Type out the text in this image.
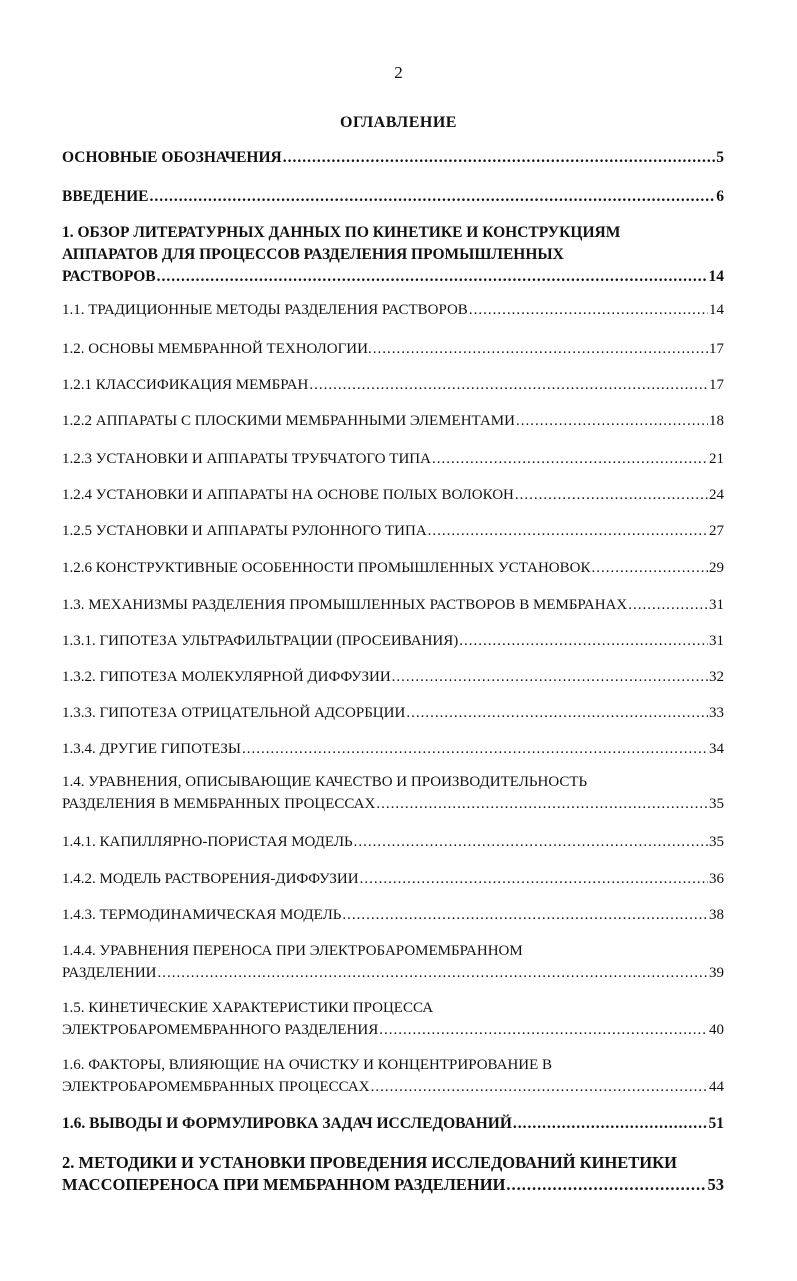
2
ОГЛАВЛЕНИЕ
ОСНОВНЫЕ ОБОЗНАЧЕНИЯ .....	5
ВВЕДЕНИЕ .....	6
1. ОБЗОР ЛИТЕРАТУРНЫХ ДАННЫХ ПО КИНЕТИКЕ И КОНСТРУКЦИЯМ
АППАРАТОВ ДЛЯ ПРОЦЕССОВ РАЗДЕЛЕНИЯ ПРОМЫШЛЕННЫХ
РАСТВОРОВ .....	14
1.1. ТРАДИЦИОННЫЕ МЕТОДЫ РАЗДЕЛЕНИЯ РАСТВОРОВ .....	14
1.2. ОСНОВЫ МЕМБРАННОЙ ТЕХНОЛОГИИ. .....	17
1.2.1 КЛАССИФИКАЦИЯ МЕМБРАН .....	17
1.2.2 АППАРАТЫ С ПЛОСКИМИ МЕМБРАННЫМИ ЭЛЕМЕНТАМИ .....	18
1.2.3 УСТАНОВКИ И АППАРАТЫ ТРУБЧАТОГО ТИПА .....	21
1.2.4 УСТАНОВКИ И АППАРАТЫ НА ОСНОВЕ ПОЛЫХ ВОЛОКОН .....	24
1.2.5 УСТАНОВКИ И АППАРАТЫ РУЛОННОГО ТИПА .....	27
1.2.6 КОНСТРУКТИВНЫЕ ОСОБЕННОСТИ ПРОМЫШЛЕННЫХ УСТАНОВОК .....	29
1.3. МЕХАНИЗМЫ РАЗДЕЛЕНИЯ ПРОМЫШЛЕННЫХ РАСТВОРОВ В МЕМБРАНАХ .....	31
1.3.1. ГИПОТЕЗА УЛЬТРАФИЛЬТРАЦИИ (ПРОСЕИВАНИЯ) .....	31
1.3.2. ГИПОТЕЗА МОЛЕКУЛЯРНОЙ ДИФФУЗИИ .....	32
1.3.3. ГИПОТЕЗА ОТРИЦАТЕЛЬНОЙ АДСОРБЦИИ .....	33
1.3.4. ДРУГИЕ ГИПОТЕЗЫ .....	34
1.4. УРАВНЕНИЯ, ОПИСЫВАЮЩИЕ КАЧЕСТВО И ПРОИЗВОДИТЕЛЬНОСТЬ
РАЗДЕЛЕНИЯ В МЕМБРАННЫХ ПРОЦЕССАХ .....	35
1.4.1. КАПИЛЛЯРНО-ПОРИСТАЯ МОДЕЛЬ .....	35
1.4.2. МОДЕЛЬ РАСТВОРЕНИЯ-ДИФФУЗИИ .....	36
1.4.3. ТЕРМОДИНАМИЧЕСКАЯ МОДЕЛЬ .....	38
1.4.4. УРАВНЕНИЯ ПЕРЕНОСА ПРИ ЭЛЕКТРОБАРОМЕМБРАННОМ
РАЗДЕЛЕНИИ .....	39
1.5. КИНЕТИЧЕСКИЕ ХАРАКТЕРИСТИКИ ПРОЦЕССА
ЭЛЕКТРОБАРОМЕМБРАННОГО РАЗДЕЛЕНИЯ .....	40
1.6. ФАКТОРЫ, ВЛИЯЮЩИЕ НА ОЧИСТКУ И КОНЦЕНТРИРОВАНИЕ В
ЭЛЕКТРОБАРОМЕМБРАННЫХ ПРОЦЕССАХ .....	44
1.6. ВЫВОДЫ И ФОРМУЛИРОВКА ЗАДАЧ ИССЛЕДОВАНИЙ .....	51
2. МЕТОДИКИ И УСТАНОВКИ ПРОВЕДЕНИЯ ИССЛЕДОВАНИЙ КИНЕТИКИ
МАССОПЕРЕНОСА ПРИ МЕМБРАННОМ РАЗДЕЛЕНИИ .....	53
